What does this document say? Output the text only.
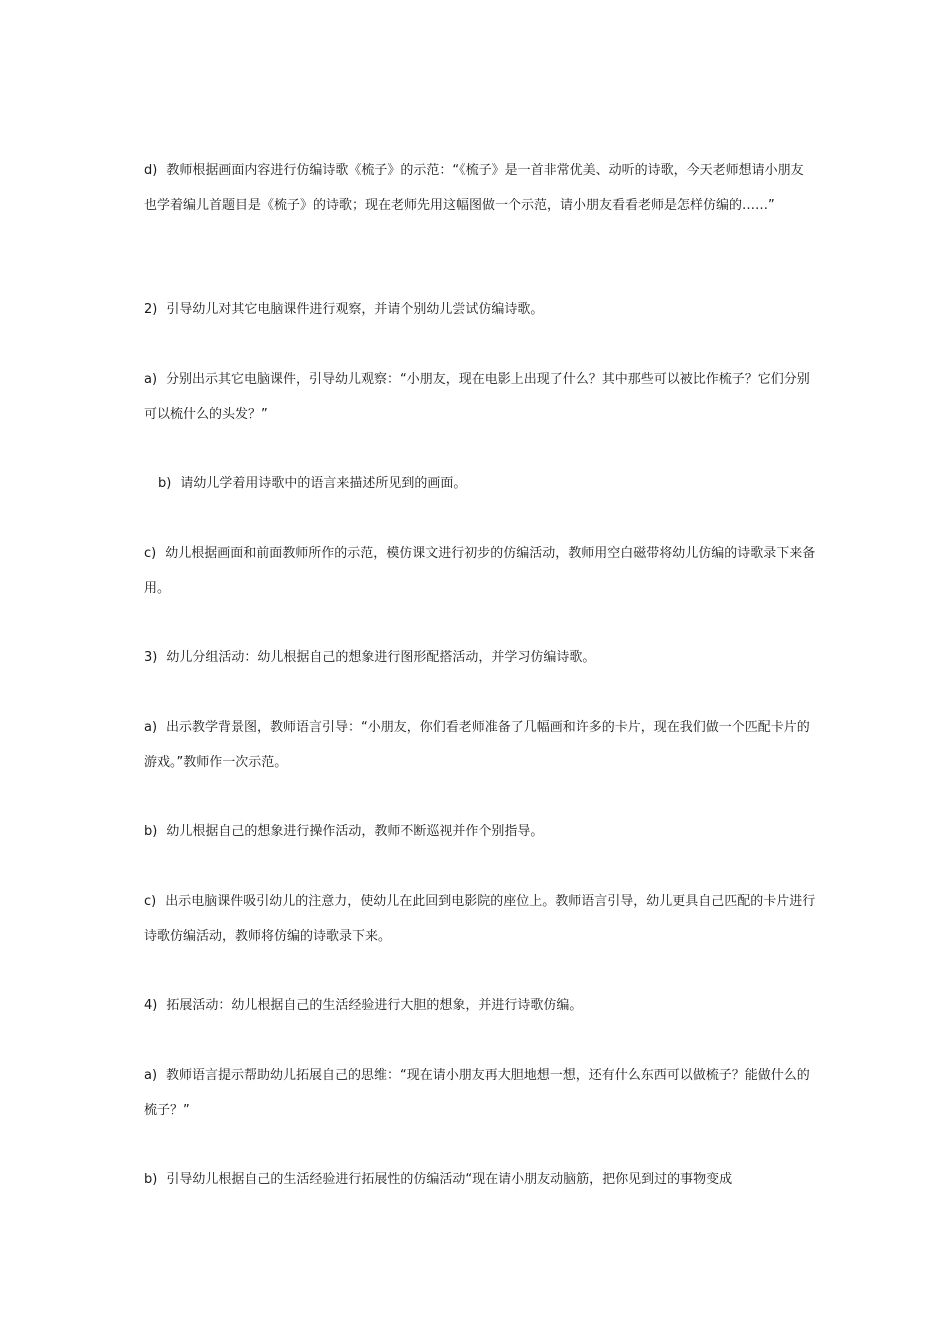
d) 教师根据画面内容进行仿编诗歌《梳子》的示范：“《梳子》是一首非常优美、动听的诗歌，今天老师想请小朋友也学着编儿首题目是《梳子》的诗歌；现在老师先用这幅图做一个示范，请小朋友看看老师是怎样仿编的……”

2) 引导幼儿对其它电脑课件进行观察，并请个别幼儿尝试仿编诗歌。

a) 分别出示其它电脑课件，引导幼儿观察：“小朋友，现在电影上出现了什么？其中那些可以被比作梳子？它们分别可以梳什么的头发？”

b) 请幼儿学着用诗歌中的语言来描述所见到的画面。

c) 幼儿根据画面和前面教师所作的示范，模仿课文进行初步的仿编活动，教师用空白磁带将幼儿仿编的诗歌录下来备用。

3) 幼儿分组活动：幼儿根据自己的想象进行图形配搭活动，并学习仿编诗歌。

a) 出示教学背景图，教师语言引导：“小朋友，你们看老师准备了几幅画和许多的卡片，现在我们做一个匹配卡片的游戏。”教师作一次示范。

b) 幼儿根据自己的想象进行操作活动，教师不断巡视并作个别指导。

c) 出示电脑课件吸引幼儿的注意力，使幼儿在此回到电影院的座位上。教师语言引导，幼儿更具自己匹配的卡片进行诗歌仿编活动，教师将仿编的诗歌录下来。

4) 拓展活动：幼儿根据自己的生活经验进行大胆的想象，并进行诗歌仿编。

a) 教师语言提示帮助幼儿拓展自己的思维：“现在请小朋友再大胆地想一想，还有什么东西可以做梳子？能做什么的梳子？”

b) 引导幼儿根据自己的生活经验进行拓展性的仿编活动“现在请小朋友动脑筋，把你见到过的事物变成
